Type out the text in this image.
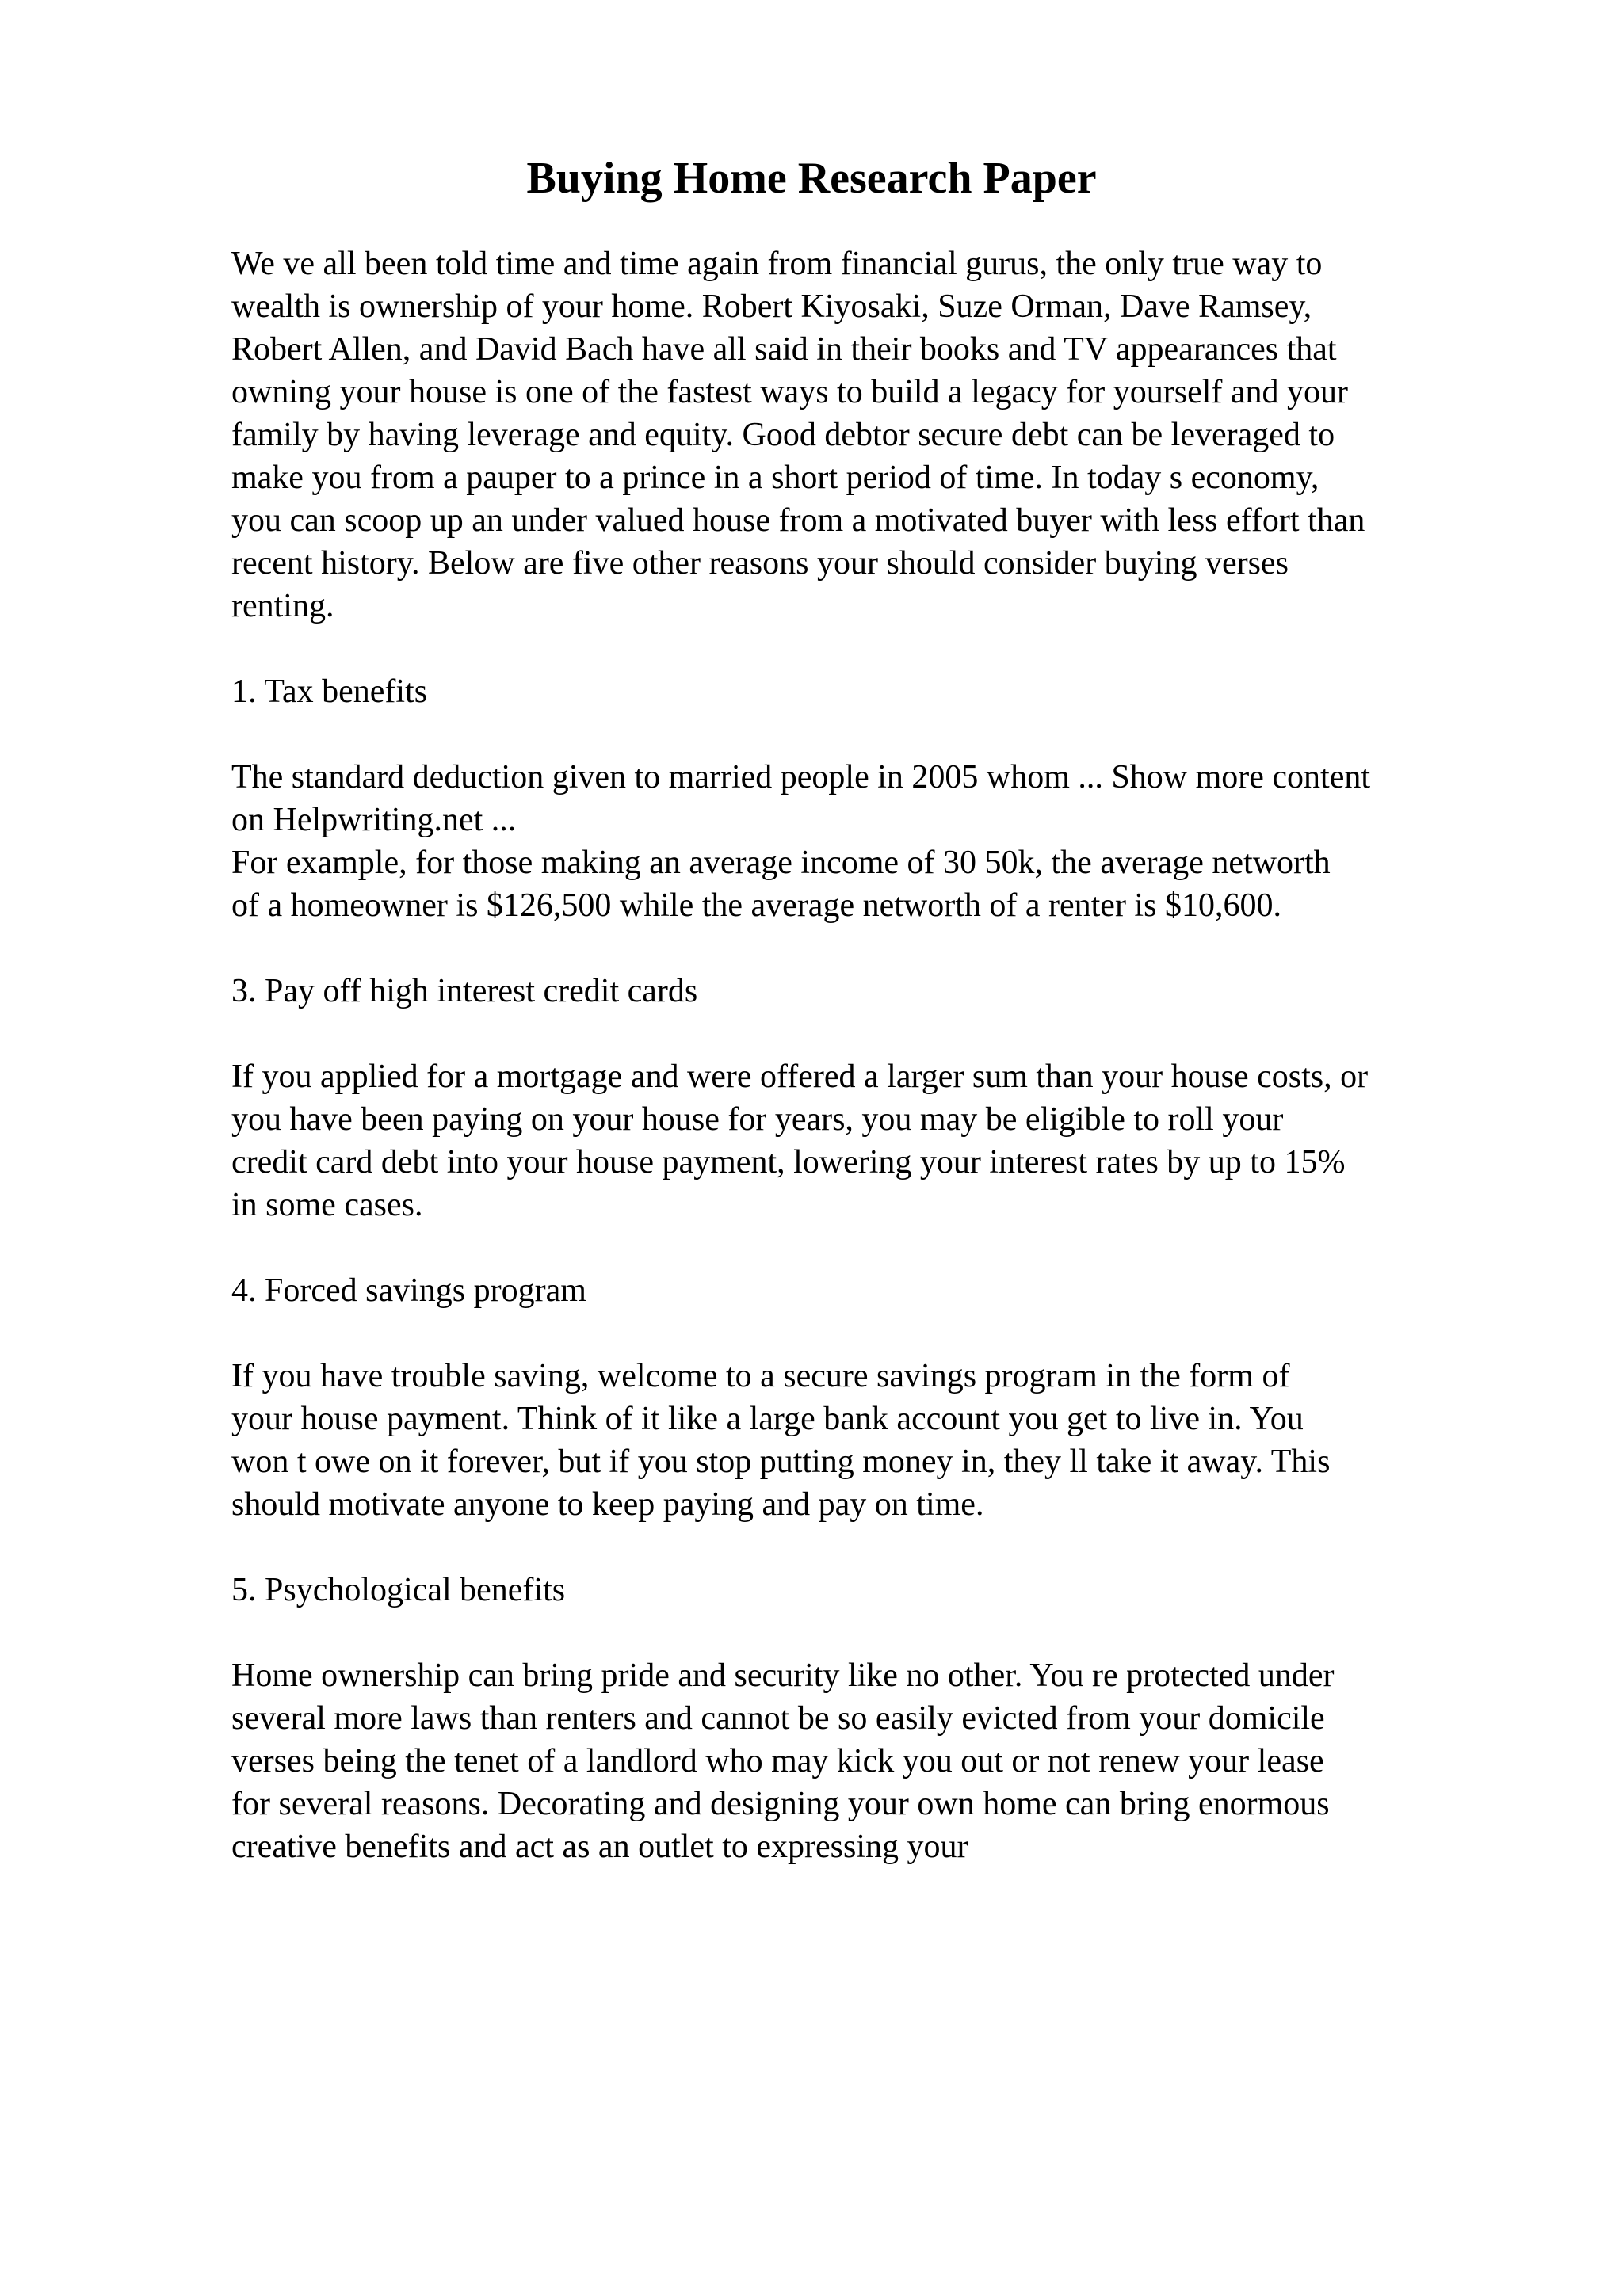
Buying Home Research Paper

We ve all been told time and time again from financial gurus, the only true way to
wealth is ownership of your home. Robert Kiyosaki, Suze Orman, Dave Ramsey,
Robert Allen, and David Bach have all said in their books and TV appearances that
owning your house is one of the fastest ways to build a legacy for yourself and your
family by having leverage and equity. Good debtor secure debt can be leveraged to
make you from a pauper to a prince in a short period of time. In today s economy,
you can scoop up an under valued house from a motivated buyer with less effort than
recent history. Below are five other reasons your should consider buying verses
renting.

1. Tax benefits

The standard deduction given to married people in 2005 whom ... Show more content
on Helpwriting.net ...

For example, for those making an average income of 30 50k, the average networth
of a homeowner is $126,500 while the average networth of a renter is $10,600.

3. Pay off high interest credit cards

If you applied for a mortgage and were offered a larger sum than your house costs, or
you have been paying on your house for years, you may be eligible to roll your
credit card debt into your house payment, lowering your interest rates by up to 15%
in some cases.

4. Forced savings program

If you have trouble saving, welcome to a secure savings program in the form of
your house payment. Think of it like a large bank account you get to live in. You
won t owe on it forever, but if you stop putting money in, they ll take it away. This
should motivate anyone to keep paying and pay on time.

5. Psychological benefits

Home ownership can bring pride and security like no other. You re protected under
several more laws than renters and cannot be so easily evicted from your domicile
verses being the tenet of a landlord who may kick you out or not renew your lease
for several reasons. Decorating and designing your own home can bring enormous
creative benefits and act as an outlet to expressing your
